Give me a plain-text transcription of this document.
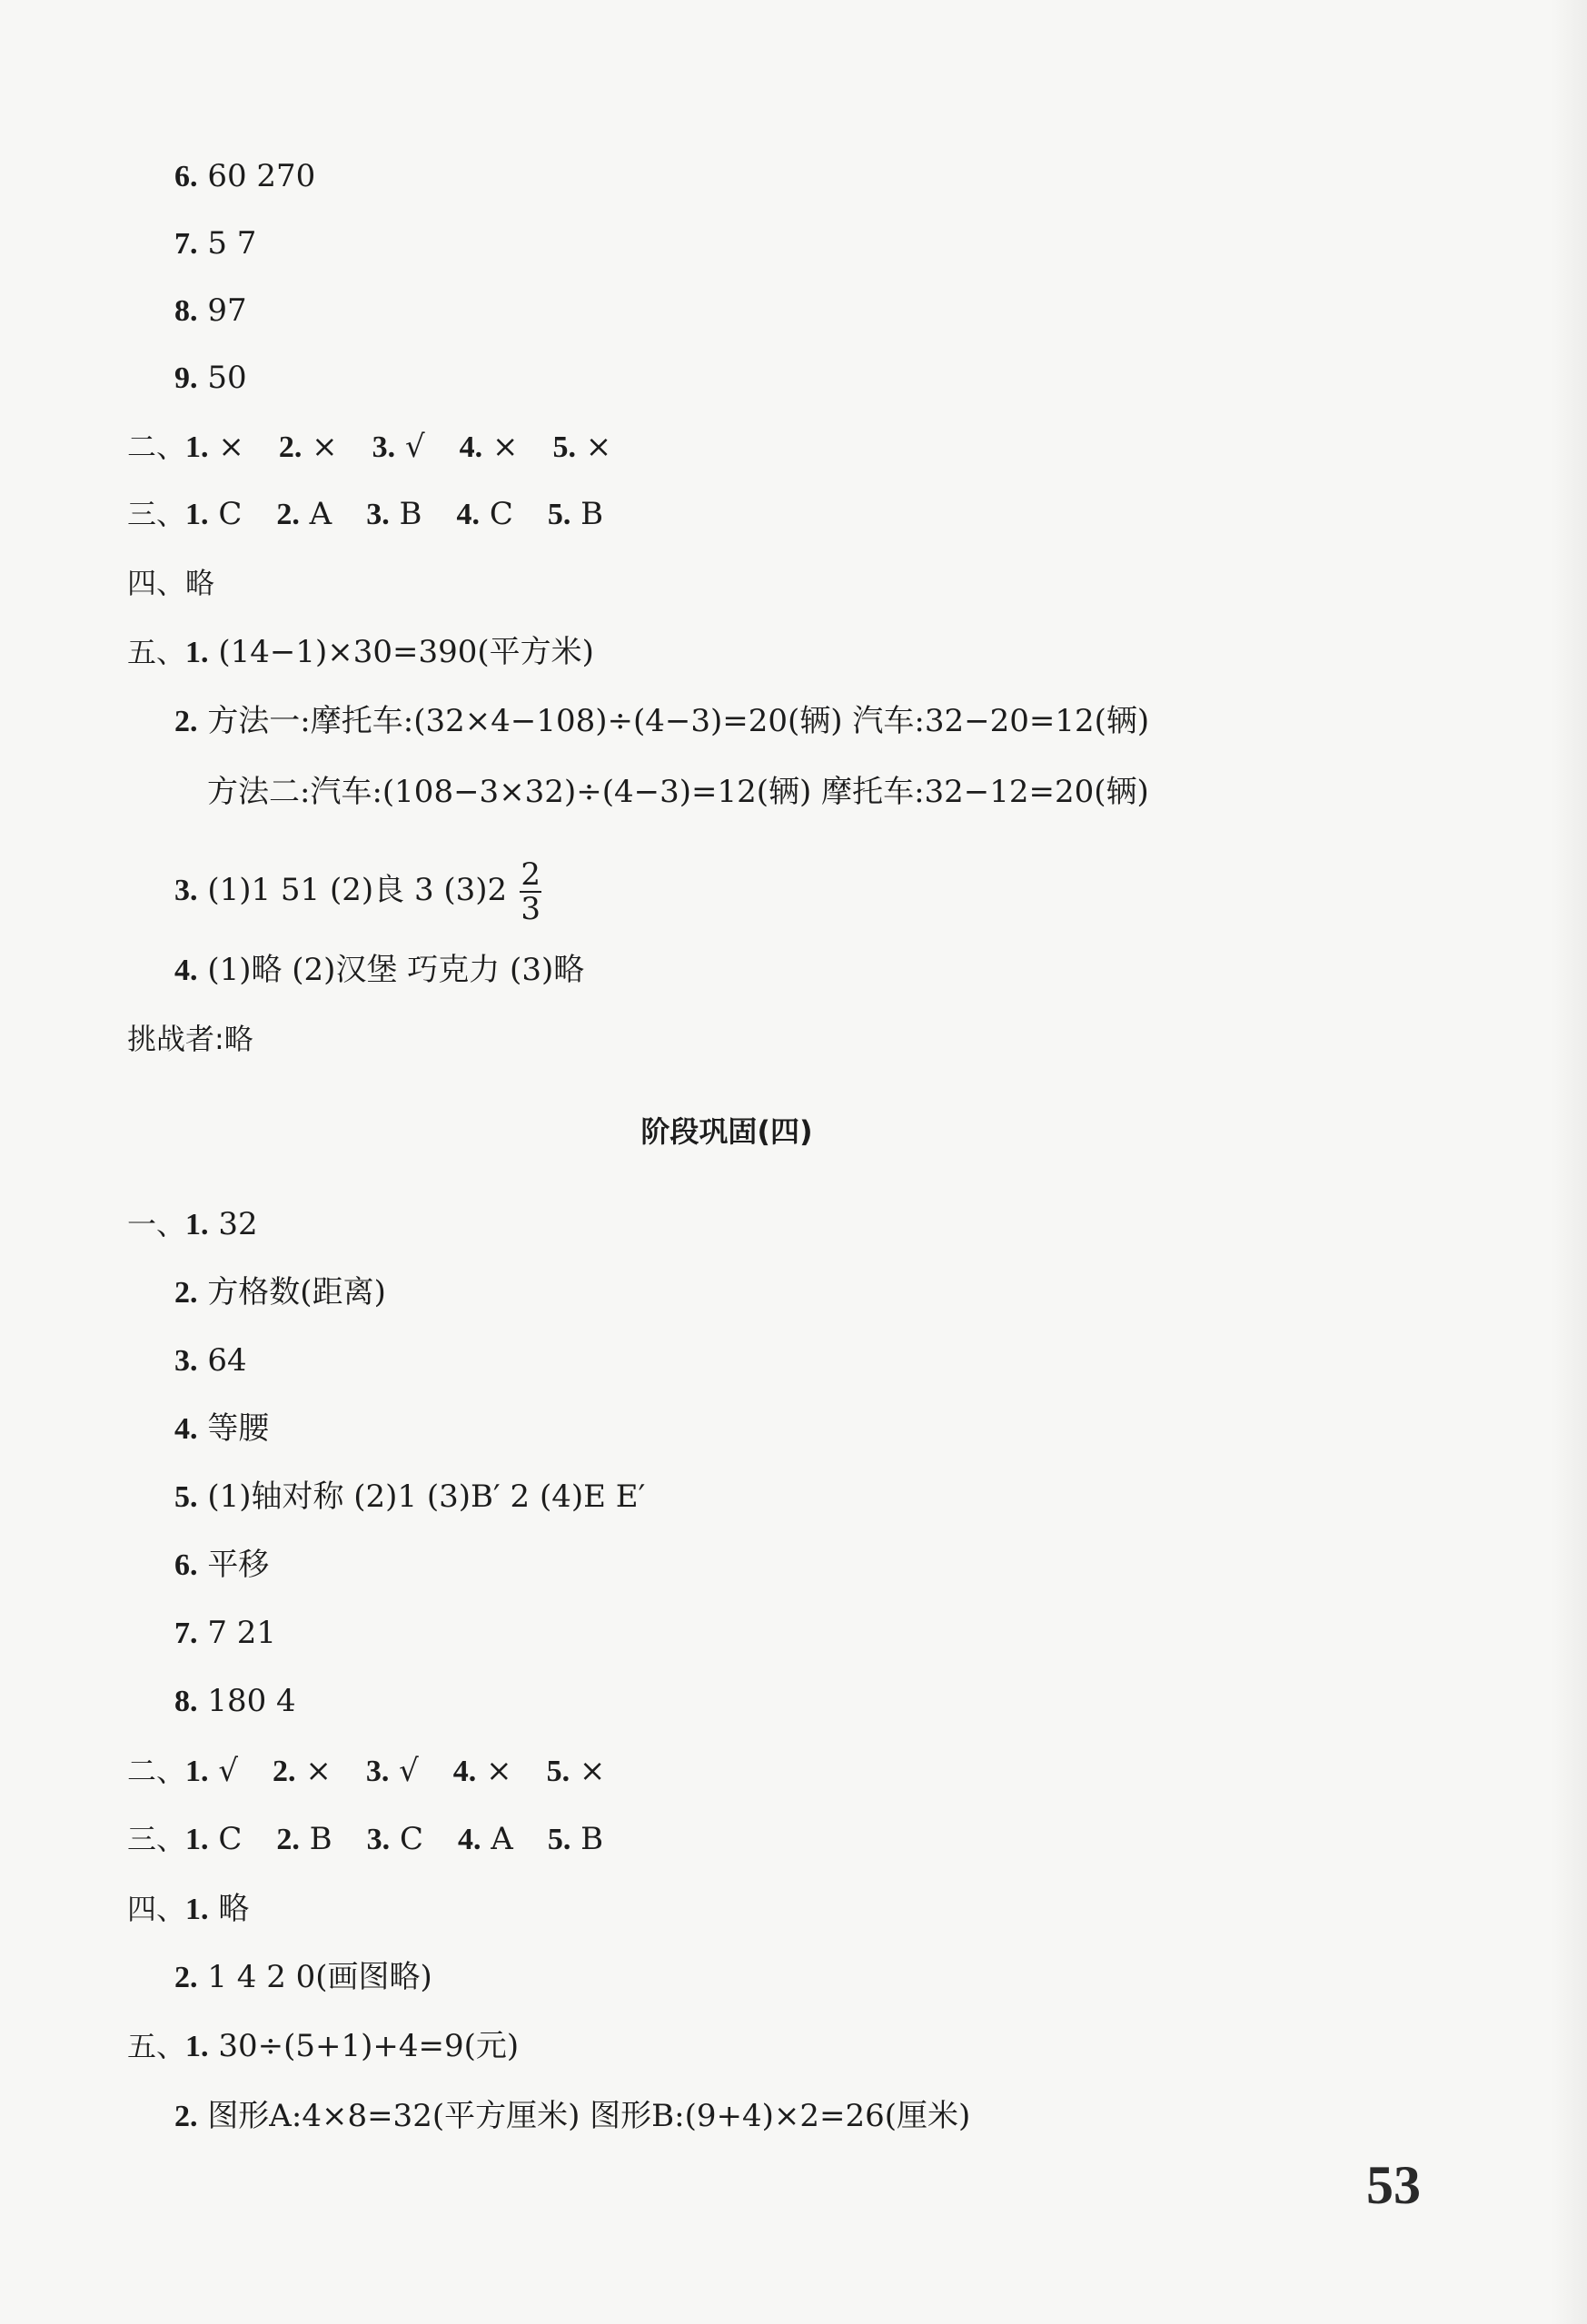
6. 60 270
7. 5 7
8. 97
9. 50
二、1. × 2. × 3. √ 4. × 5. ×
三、1. C 2. A 3. B 4. C 5. B
四、略
五、1. (14−1)×30=390(平方米)
2. 方法一:摩托车:(32×4−108)÷(4−3)=20(辆) 汽车:32−20=12(辆)
方法二:汽车:(108−3×32)÷(4−3)=12(辆) 摩托车:32−12=20(辆)
3. (1)1 51 (2)良 3 $(3)2 \frac{2}{3}$
4. (1)略 (2)汉堡 巧克力 (3)略
挑战者:略
阶段巩固(四)
一、1. 32
2. 方格数(距离)
3. 64
4. 等腰
5. (1)轴对称 (2)1 (3)B′ 2 (4)E E′
6. 平移
7. 7 21
8. 180 4
二、1. √ 2. × 3. √ 4. × 5. ×
三、1. C 2. B 3. C 4. A 5. B
四、1. 略
2. 1 4 2 0(画图略)
五、1. 30÷(5+1)+4=9(元)
2. 图形A:4×8=32(平方厘米) 图形B:(9+4)×2=26(厘米)
53
